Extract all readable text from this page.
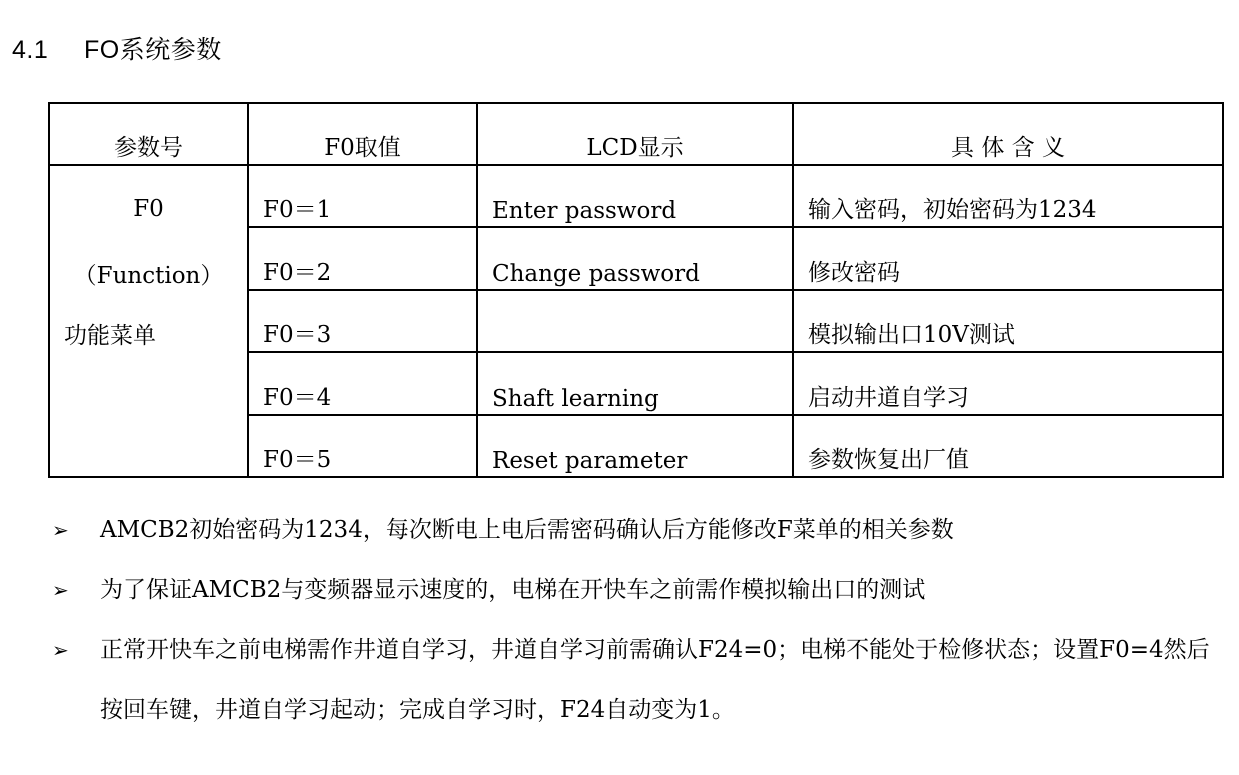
4.1 FO系统参数
参数号	F0取值	LCD显示	具 体 含 义

F0
（Function）
功能菜单	F0＝1	Enter password	输入密码，初始密码为1234
	F0＝2	Change password	修改密码
	F0＝3		模拟输出口10V测试
	F0＝4	Shaft learning	启动井道自学习
	F0＝5	Reset parameter	参数恢复出厂值
➢ AMCB2初始密码为1234，每次断电上电后需密码确认后方能修改F菜单的相关参数
➢ 为了保证AMCB2与变频器显示速度的，电梯在开快车之前需作模拟输出口的测试
➢ 正常开快车之前电梯需作井道自学习，井道自学习前需确认F24=0；电梯不能处于检修状态；设置F0=4然后按回车键，井道自学习起动；完成自学习时，F24自动变为1。
